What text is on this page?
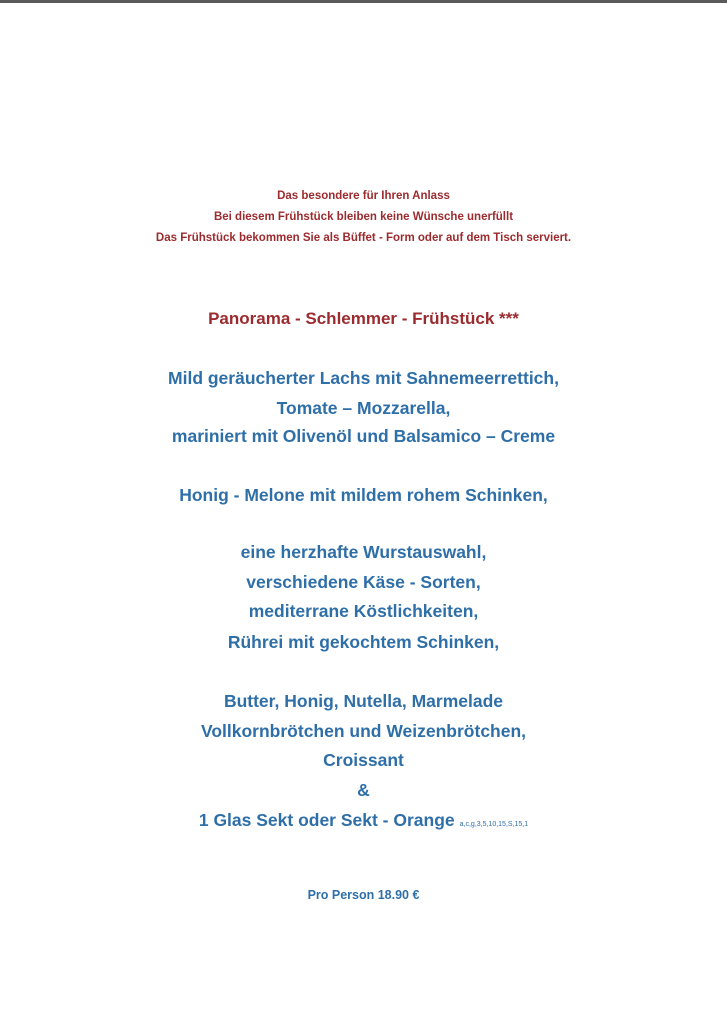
Das besondere für Ihren Anlass
Bei diesem Frühstück bleiben keine Wünsche unerfüllt
Das Frühstück bekommen Sie als Büffet - Form oder auf dem Tisch serviert.
Panorama - Schlemmer - Frühstück ***
Mild geräucherter Lachs mit Sahnemeerrettich,
Tomate – Mozzarella,
mariniert mit Olivenöl und Balsamico – Creme
Honig - Melone mit mildem rohem Schinken,
eine herzhafte Wurstauswahl,
verschiedene Käse - Sorten,
mediterrane Köstlichkeiten,
Rührei mit gekochtem Schinken,
Butter, Honig, Nutella, Marmelade
Vollkornbrötchen und Weizenbrötchen,
Croissant
&
1 Glas Sekt oder Sekt - Orange a,c,g,3,5,10,15,S,15,1
Pro Person 18.90 €
